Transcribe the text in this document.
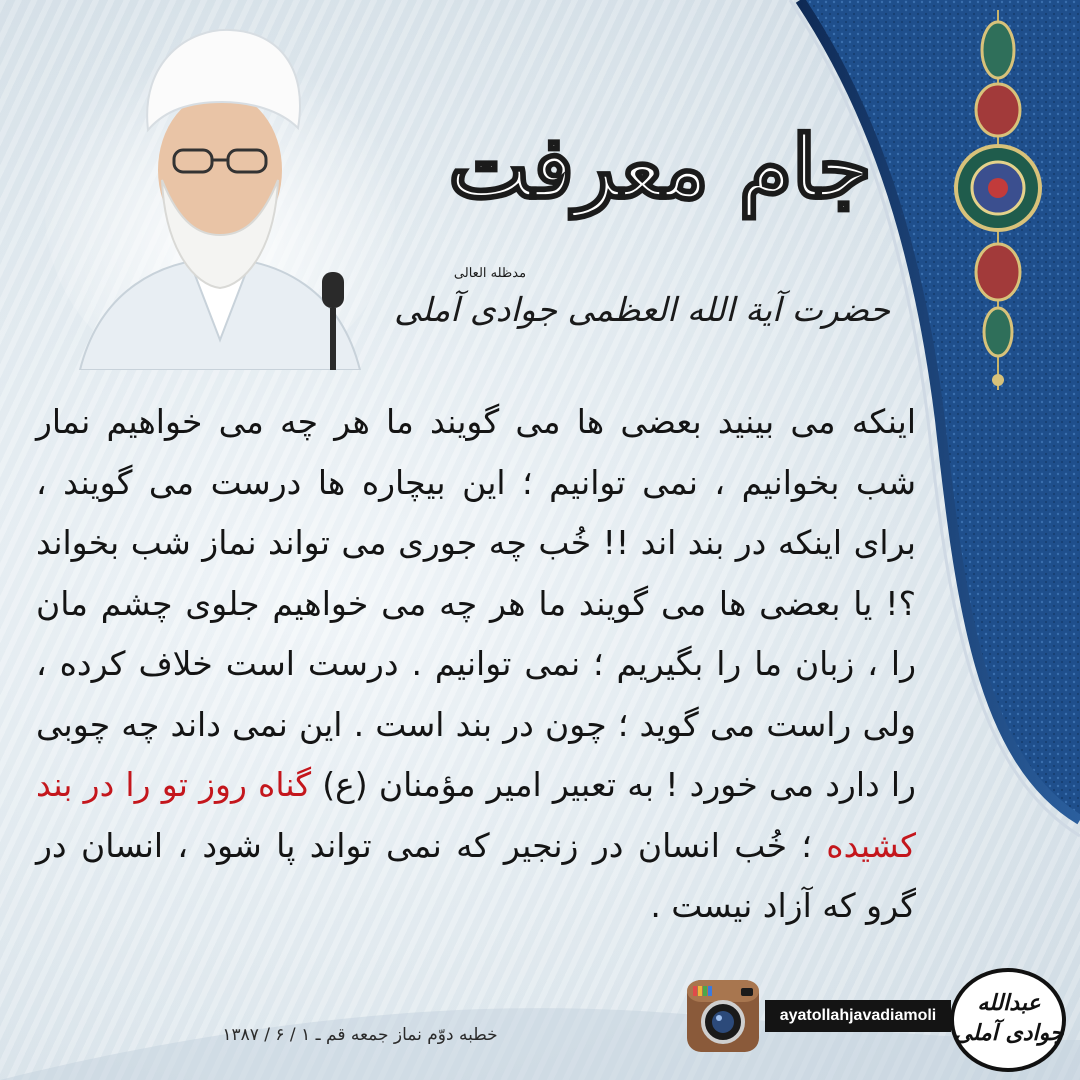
جام معرفت
مدظله العالی
حضرت آیة الله العظمی جوادی آملی
اینکه می بینید بعضی ها می گویند ما هر چه می خواهیم نمار شب بخوانیم ، نمی توانیم ؛ این بیچاره ها درست می گویند ، برای اینکه در بند اند !! خُب چه جوری می تواند نماز شب بخواند ؟! یا بعضی ها می گویند ما هر چه می خواهیم جلوی چشم مان را ، زبان ما را بگیریم ؛ نمی توانیم . درست است خلاف کرده ، ولی راست می گوید ؛ چون در بند است . این نمی داند چه چوبی را دارد می خورد ! به تعبیر امیر مؤمنان (ع) گناه روز تو را در بند کشیده ؛ خُب انسان در زنجیر که نمی تواند پا شود ، انسان در گرو که آزاد نیست .
خطبه دوّم نماز جمعه قم ـ ۱ / ۶ / ۱۳۸۷
ayatollahjavadiamoli	عبدالله
جوادی آملی
